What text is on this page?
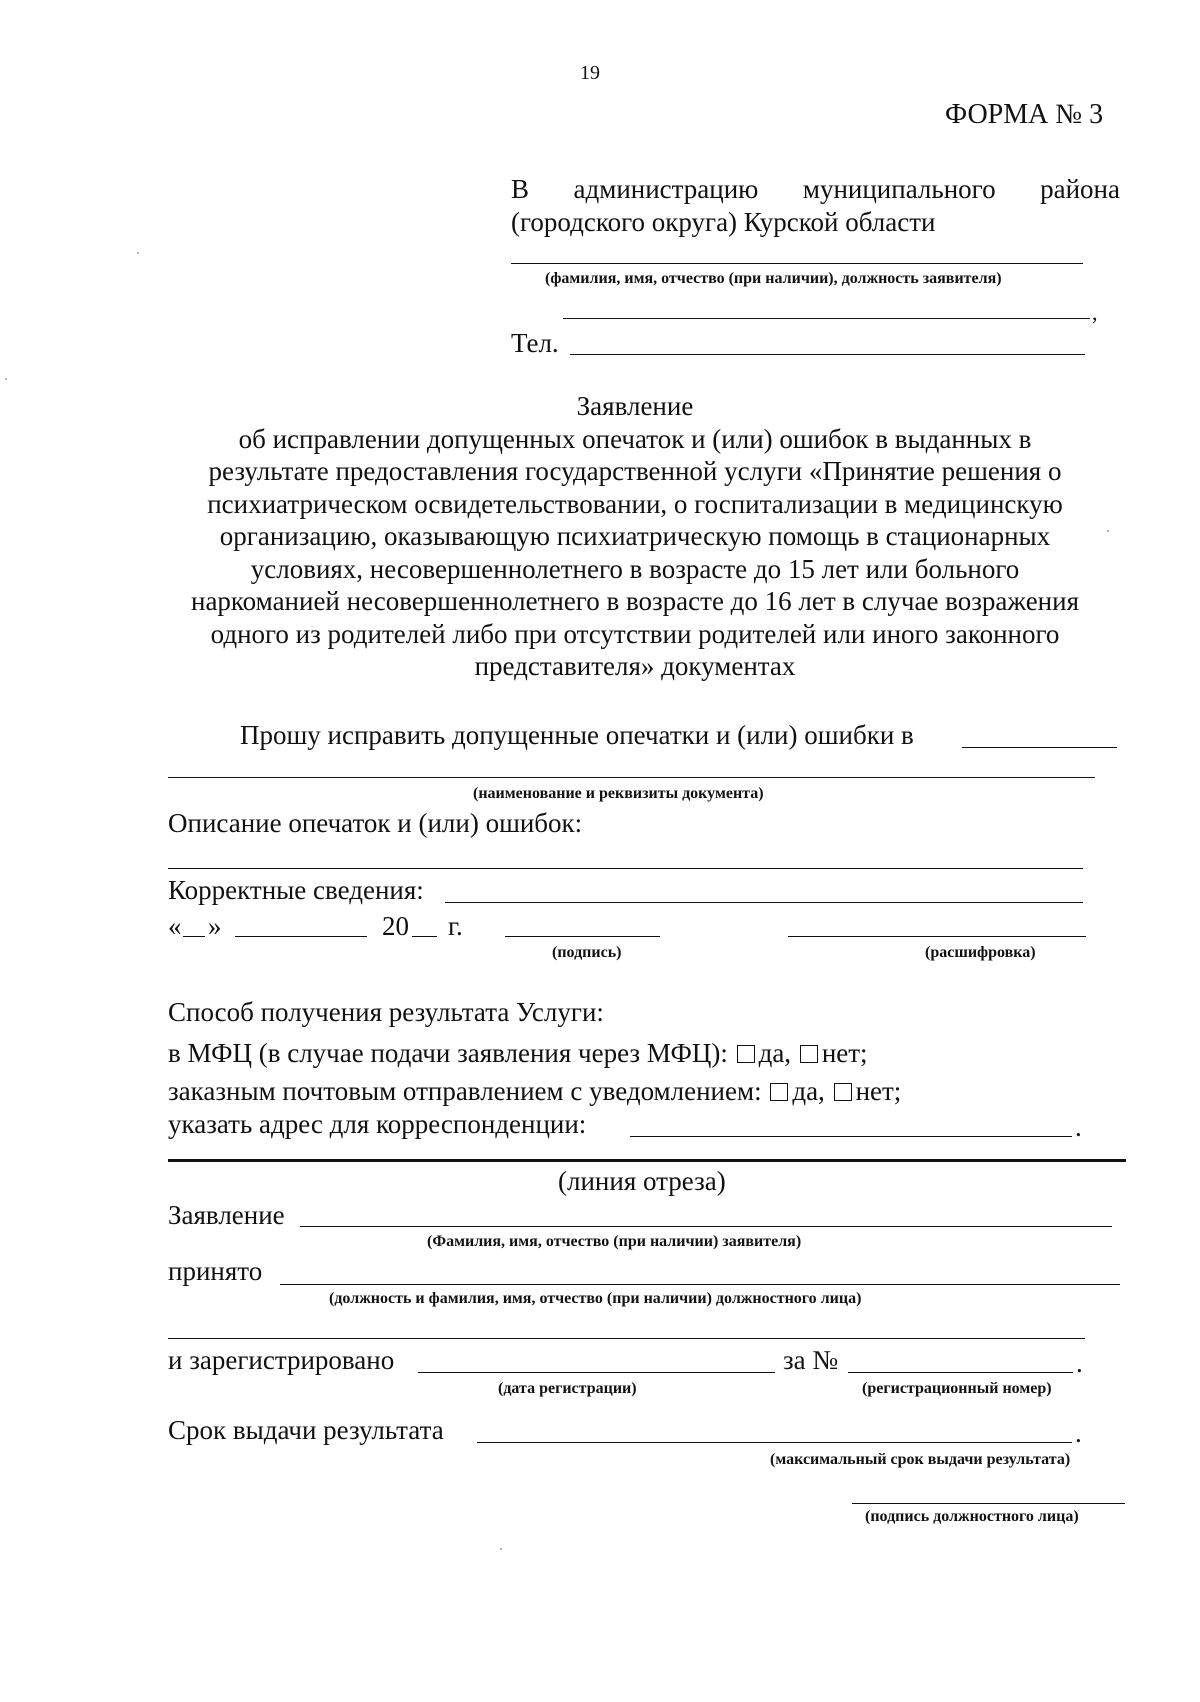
19
ФОРМА № 3
В администрацию муниципального района
(городского округа) Курской области
(фамилия, имя, отчество (при наличии), должность заявителя)
,
Тел.
Заявление
об исправлении допущенных опечаток и (или) ошибок в выданных в
результате предоставления государственной услуги «Принятие решения о
психиатрическом освидетельствовании, о госпитализации в медицинскую
организацию, оказывающую психиатрическую помощь в стационарных
условиях, несовершеннолетнего в возрасте до 15 лет или больного
наркоманией несовершеннолетнего в возрасте до 16 лет в случае возражения
одного из родителей либо при отсутствии родителей или иного законного
представителя» документах
Прошу исправить допущенные опечатки и (или) ошибки в
(наименование и реквизиты документа)
Описание опечаток и (или) ошибок:
Корректные сведения:
« »	20 г.
(подпись)	(расшифровка)
Способ получения результата Услуги:
в МФЦ (в случае подачи заявления через МФЦ): да, нет;
заказным почтовым отправлением с уведомлением: да, нет;
указать адрес для корреспонденции:	.
(линия отреза)
Заявление
(Фамилия, имя, отчество (при наличии) заявителя)
принято
(должность и фамилия, имя, отчество (при наличии) должностного лица)
и зарегистрировано	за №	.
(дата регистрации)	(регистрационный номер)
Срок выдачи результата	.
(максимальный срок выдачи результата)
(подпись должностного лица)
